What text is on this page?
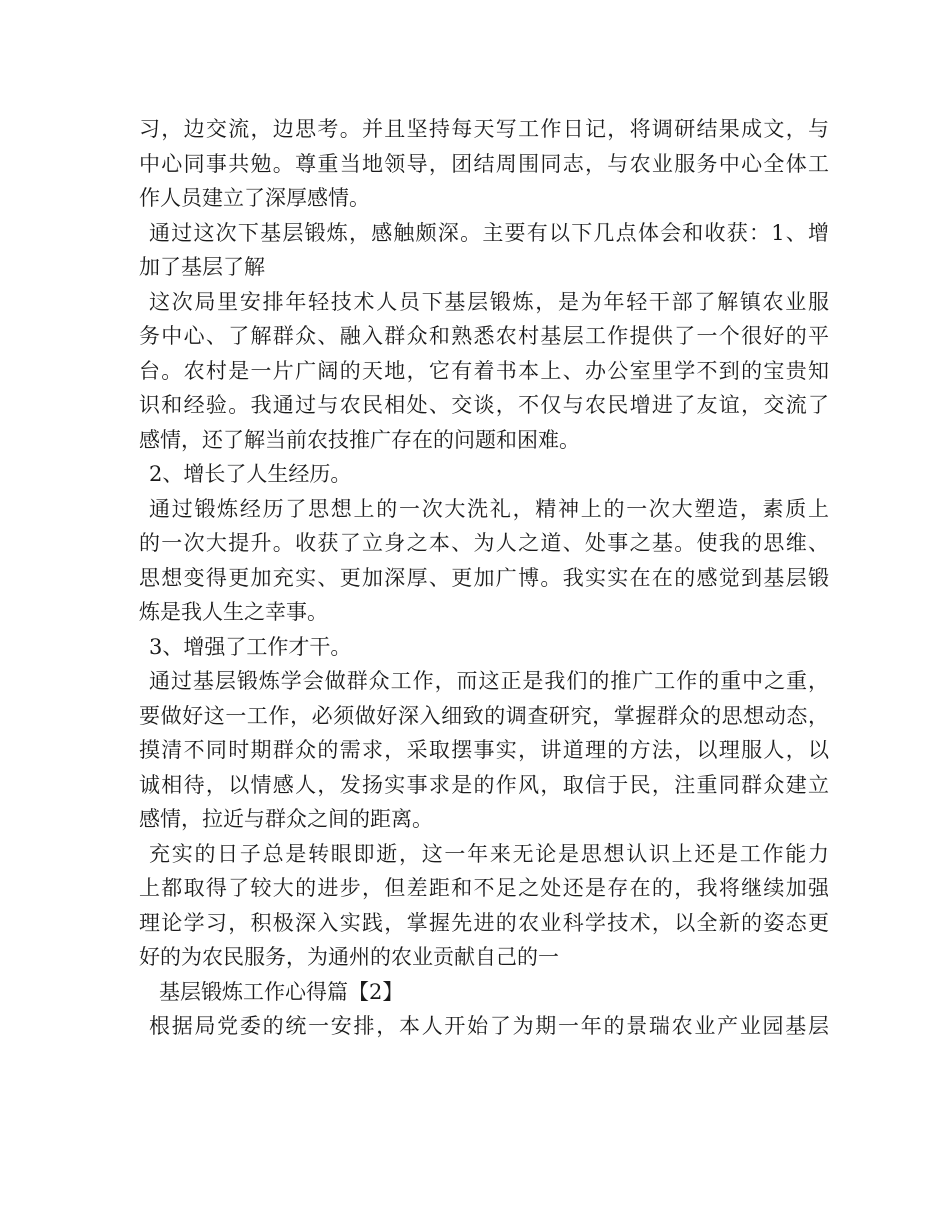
习，边交流，边思考。并且坚持每天写工作日记，将调研结果成文，与
中心同事共勉。尊重当地领导，团结周围同志，与农业服务中心全体工
作人员建立了深厚感情。
通过这次下基层锻炼，感触颇深。主要有以下几点体会和收获：1、增
加了基层了解
这次局里安排年轻技术人员下基层锻炼，是为年轻干部了解镇农业服
务中心、了解群众、融入群众和熟悉农村基层工作提供了一个很好的平
台。农村是一片广阔的天地，它有着书本上、办公室里学不到的宝贵知
识和经验。我通过与农民相处、交谈，不仅与农民增进了友谊，交流了
感情，还了解当前农技推广存在的问题和困难。
2、增长了人生经历。
通过锻炼经历了思想上的一次大洗礼，精神上的一次大塑造，素质上
的一次大提升。收获了立身之本、为人之道、处事之基。使我的思维、
思想变得更加充实、更加深厚、更加广博。我实实在在的感觉到基层锻
炼是我人生之幸事。
3、增强了工作才干。
通过基层锻炼学会做群众工作，而这正是我们的推广工作的重中之重，
要做好这一工作，必须做好深入细致的调查研究，掌握群众的思想动态，
摸清不同时期群众的需求，采取摆事实，讲道理的方法，以理服人，以
诚相待，以情感人，发扬实事求是的作风，取信于民，注重同群众建立
感情，拉近与群众之间的距离。
充实的日子总是转眼即逝，这一年来无论是思想认识上还是工作能力
上都取得了较大的进步，但差距和不足之处还是存在的，我将继续加强
理论学习，积极深入实践，掌握先进的农业科学技术，以全新的姿态更
好的为农民服务，为通州的农业贡献自己的一
基层锻炼工作心得篇【2】
根据局党委的统一安排，本人开始了为期一年的景瑞农业产业园基层
